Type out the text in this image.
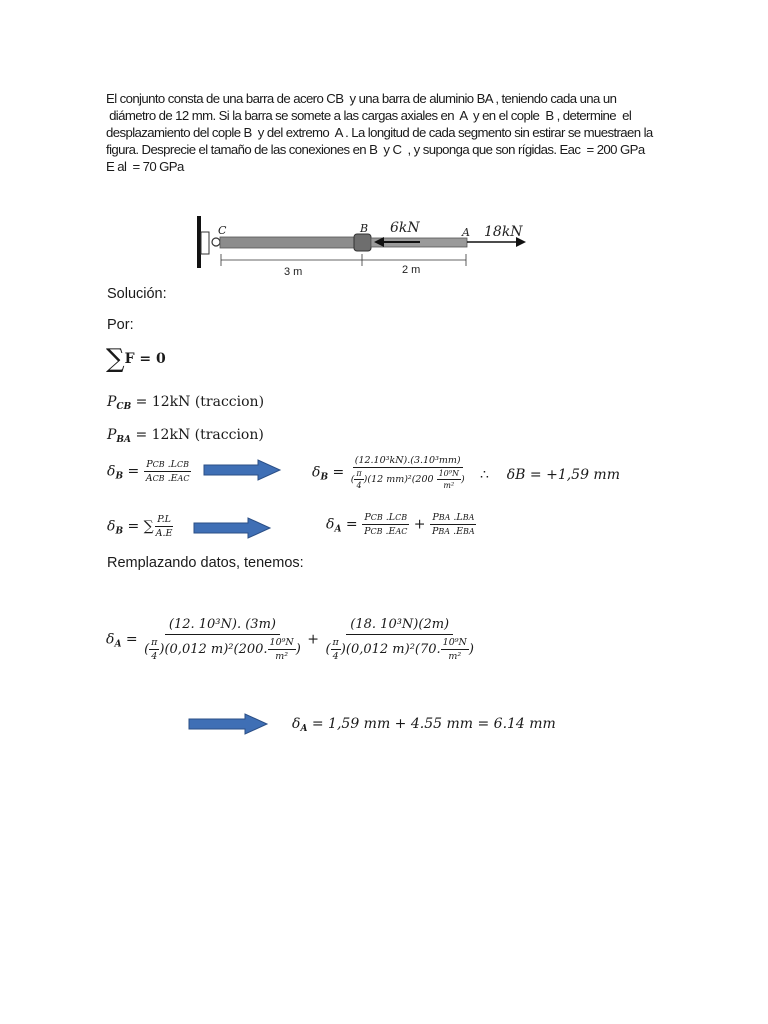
El conjunto consta de una barra de acero CB  y una barra de aluminio BA , teniendo cada una un

diámetro de 12 mm. Si la barra se somete a las cargas axiales en  A  y en el cople  B , determine  el

desplazamiento del cople B  y del extremo  A . La longitud de cada segmento sin estirar se muestraen la

figura. Desprecie el tamaño de las conexiones en B  y C  , y suponga que son rígidas. Eac  = 200 GPa

E al  = 70 GPa

C	B	A
6kN	18kN
3 m	2 m
Solución:
Por:
∑F = 0
$P_{CB} = 12kN$ (traccion)
$P_{BA} = 12kN$ (traccion)
$\delta_B = \frac{\text{PCB .LCB}}{\text{ACB .EAC}}$	$\delta_B = \frac{\text{(12.10³kN).(3.10³mm)}}{( \frac{\pi}{4} )(12 mm)^2(200 \frac{\text{10⁹N}}{\text{m²}} )}$ ∴ δB = +1,59 mm
$\delta_B$ = ∑ $\frac{P.L}{A.E}$	$\delta_A = \frac{\text{PCB .LCB}}{\text{PCB .EAC}} + \frac{\text{PBA .LBA}}{\text{PBA .EBA}}$
Remplazando datos, tenemos:
$\delta_A = \frac{\text{(12. 10³N). (3m)}}{( \frac{\pi}{4} )(0,012 m)^2(200. \frac{\text{10⁹N}}{\text{m²}} )} + \frac{\text{(18. 10³N)(2m)}}{( \frac{\pi}{4} )(0,012 m)^2(70. \frac{\text{10⁹N}}{\text{m²}} )}$
$\delta_A = 1,59$ mm + 4.55 mm = 6.14 mm
